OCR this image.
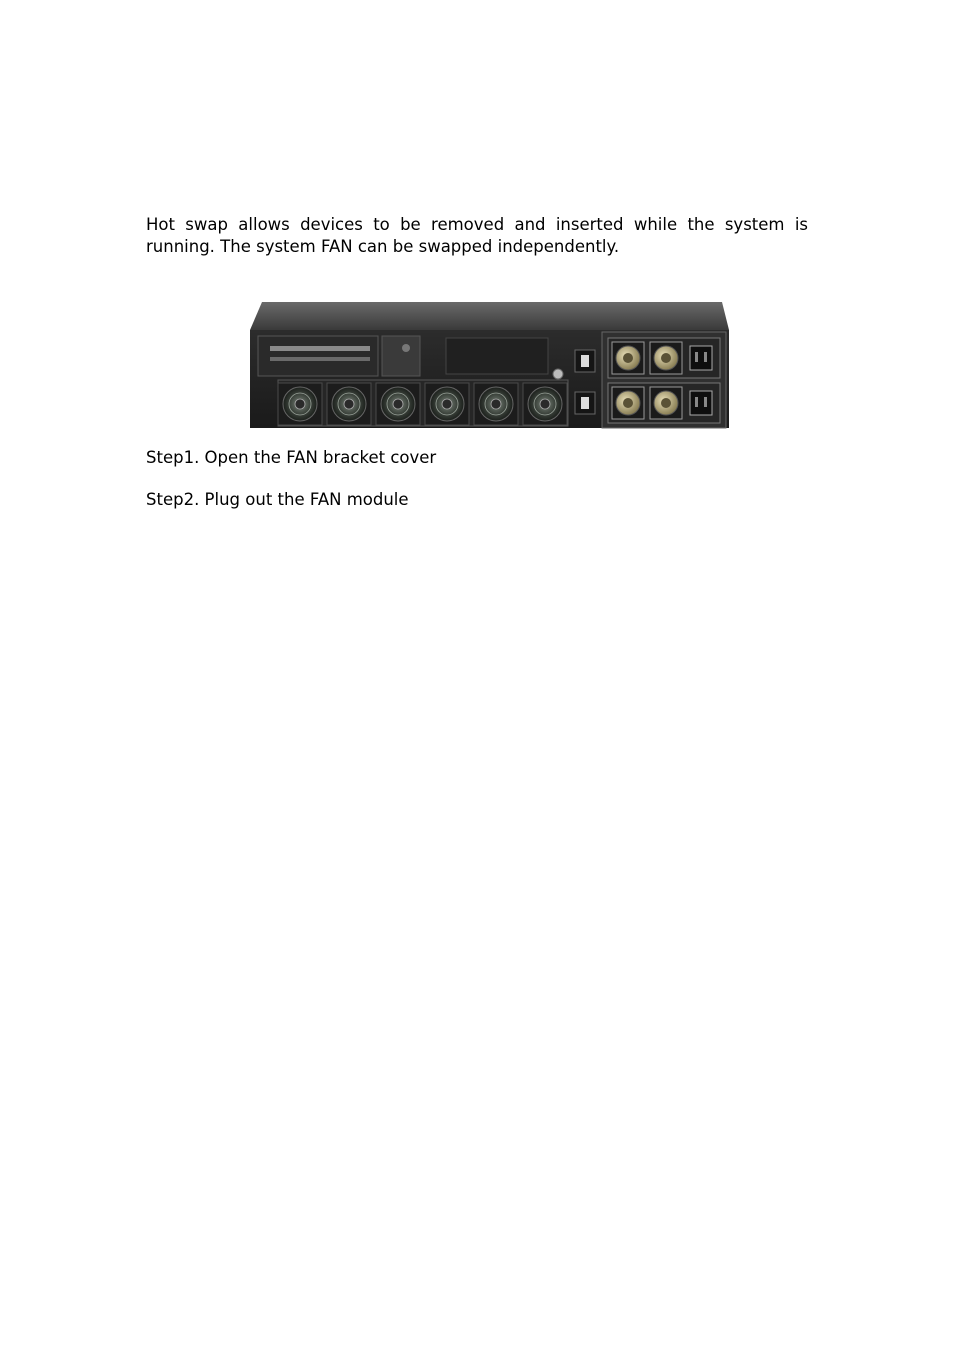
Hot swap allows devices to be removed and inserted while the system is running. The system FAN can be swapped independently.

Step1. Open the FAN bracket cover

Step2. Plug out the FAN module
